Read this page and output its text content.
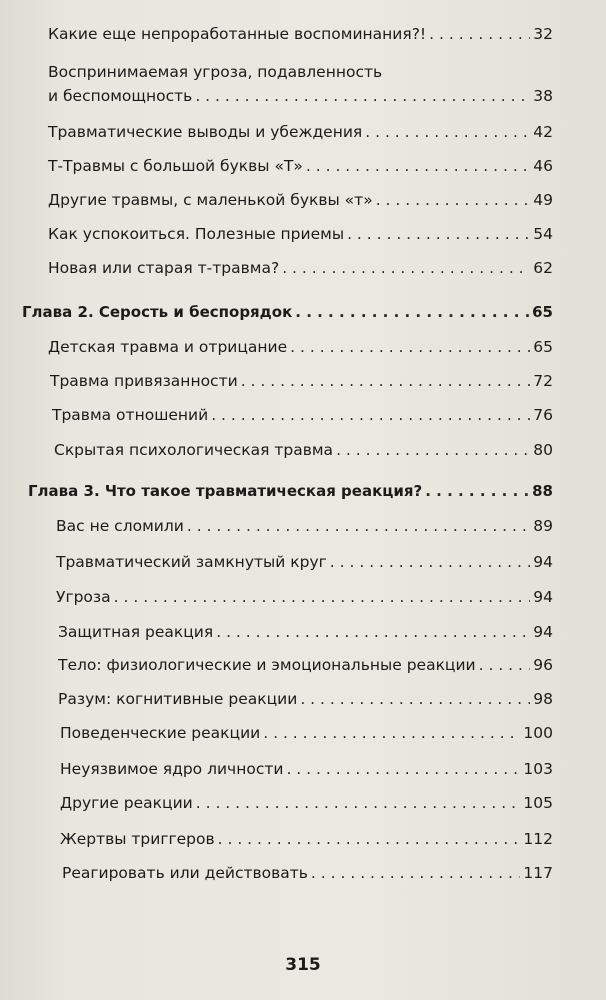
Какие еще непроработанные воспоминания?! . . .	32
Воспринимаемая угроза, подавленность
и беспомощность . . .	38
Травматические выводы и убеждения . . .	42
Т-Травмы с большой буквы «Т» . . .	46
Другие травмы, с маленькой буквы «т» . . .	49
Как успокоиться. Полезные приемы . . .	54
Новая или старая т-травма? . . .	62
Глава 2. Серость и беспорядок . . .	65
Детская травма и отрицание . . .	65
Травма привязанности . . .	72
Травма отношений . . .	76
Скрытая психологическая травма . . .	80
Глава 3. Что такое травматическая реакция? . . .	88
Вас не сломили . . .	89
Травматический замкнутый круг . . .	94
Угроза . . .	94
Защитная реакция . . .	94
Тело: физиологические и эмоциональные реакции . . .	96
Разум: когнитивные реакции . . .	98
Поведенческие реакции . . .	100
Неуязвимое ядро личности . . .	103
Другие реакции . . .	105
Жертвы триггеров . . .	112
Реагировать или действовать . . .	117
315
